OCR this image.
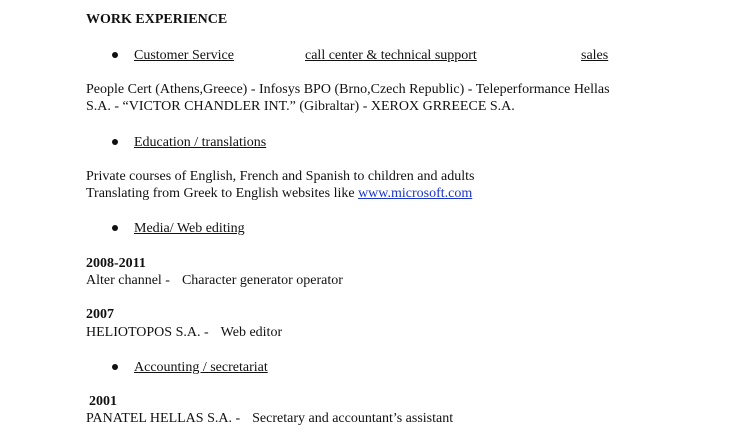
WORK EXPERIENCE
Customer Service	call center & technical support	sales
People Cert (Athens,Greece) - Infosys BPO (Brno,Czech Republic) - Teleperformance Hellas
S.A. - “VICTOR CHANDLER INT.” (Gibraltar) - XEROX GRREECE S.A.
Education / translations
Private courses of English, French and Spanish to children and adults
Translating from Greek to English websites like www.microsoft.com
Media/ Web editing
2008-2011
Alter channel - Character generator operator
2007
HELIOTOPOS S.A. - Web editor
Accounting / secretariat
2001
PANATEL HELLAS S.A. - Secretary and accountant’s assistant
